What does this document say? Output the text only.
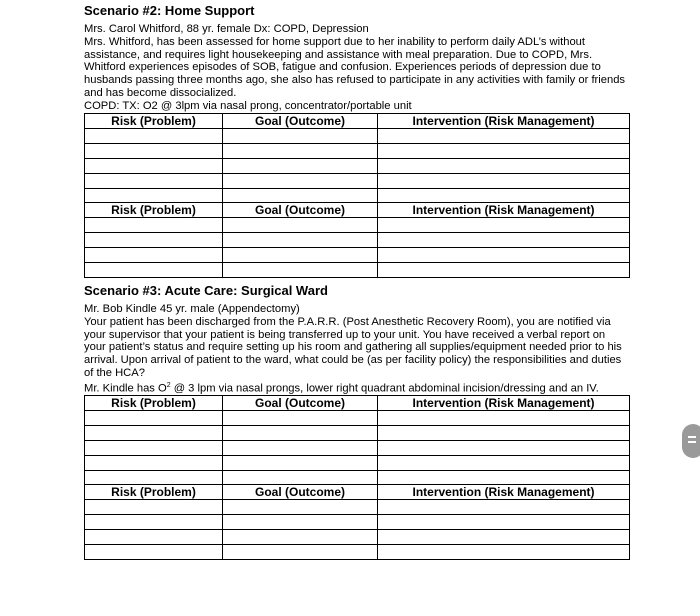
Scenario #2: Home Support
Mrs. Carol Whitford, 88 yr. female Dx: COPD, Depression
Mrs. Whitford, has been assessed for home support due to her inability to perform daily ADL’s without assistance, and requires light housekeeping and assistance with meal preparation. Due to COPD, Mrs. Whitford experiences episodes of SOB, fatigue and confusion. Experiences periods of depression due to husbands passing three months ago, she also has refused to participate in any activities with family or friends and has become dissocialized.
COPD: TX: O2 @ 3lpm via nasal prong, concentrator/portable unit
Risk (Problem)	Goal (Outcome)	Intervention (Risk Management)

Risk (Problem)	Goal (Outcome)	Intervention (Risk Management)

Scenario #3: Acute Care: Surgical Ward
Mr. Bob Kindle 45 yr. male (Appendectomy)
Your patient has been discharged from the P.A.R.R. (Post Anesthetic Recovery Room), you are notified via your supervisor that your patient is being transferred up to your unit. You have received a verbal report on your patient’s status and require setting up his room and gathering all supplies/equipment needed prior to his arrival. Upon arrival of patient to the ward, what could be (as per facility policy) the responsibilities and duties of the HCA?
Mr. Kindle has $O^2$ @ 3 lpm via nasal prongs, lower right quadrant abdominal incision/dressing and an IV.
Risk (Problem)	Goal (Outcome)	Intervention (Risk Management)

Risk (Problem)	Goal (Outcome)	Intervention (Risk Management)
